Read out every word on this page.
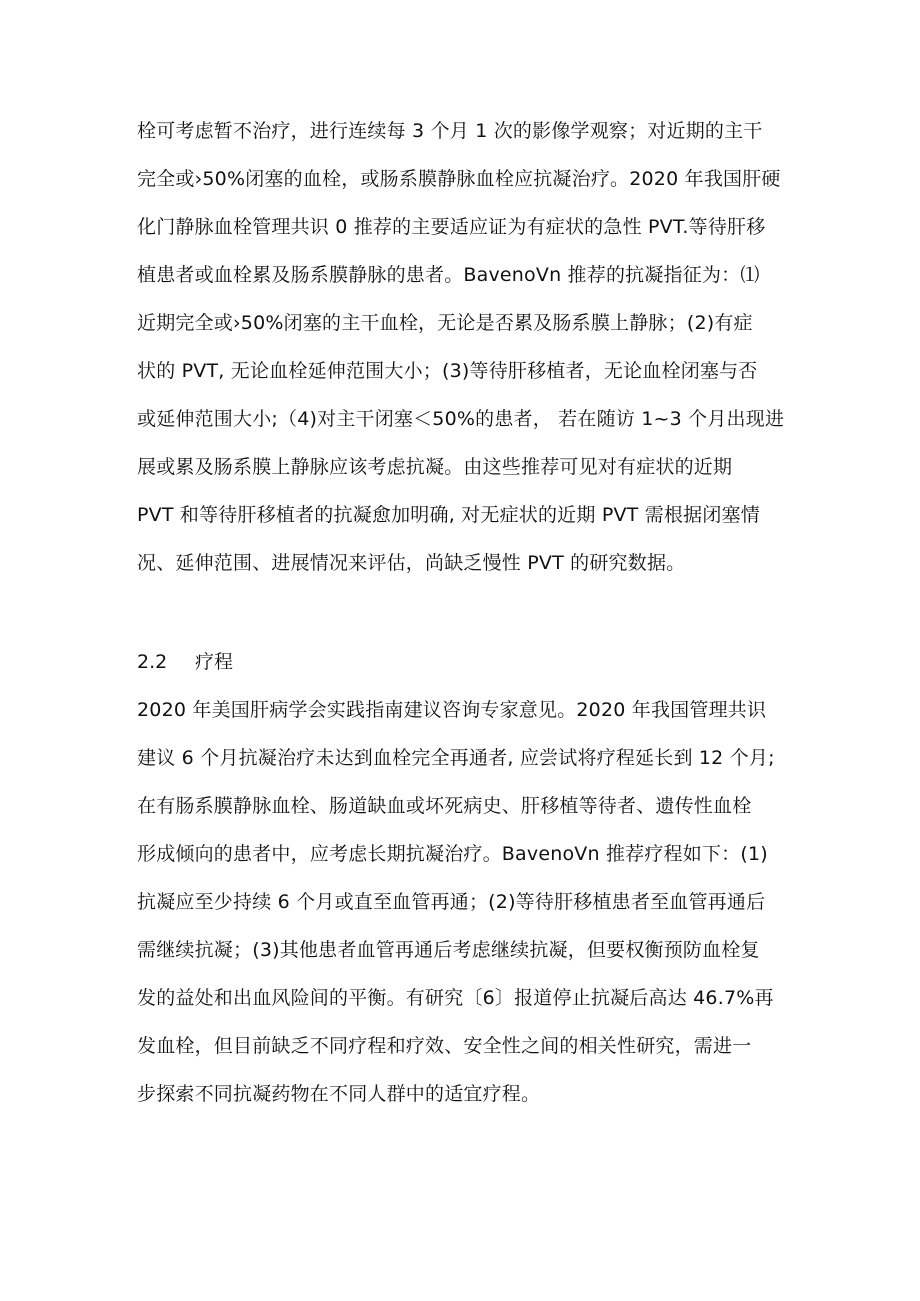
栓可考虑暂不治疗，进行连续每 3 个月 1 次的影像学观察；对近期的主干
完全或›50%闭塞的血栓，或肠系膜静脉血栓应抗凝治疗。2020 年我国肝硬
化门静脉血栓管理共识 0 推荐的主要适应证为有症状的急性 PVT.等待肝移
植患者或血栓累及肠系膜静脉的患者。BavenoVn 推荐的抗凝指征为：⑴
近期完全或›50%闭塞的主干血栓，无论是否累及肠系膜上静脉；(2)有症
状的 PVT, 无论血栓延伸范围大小；(3)等待肝移植者，无论血栓闭塞与否
或延伸范围大小;（4)对主干闭塞＜50%的患者， 若在随访 1~3 个月出现进
展或累及肠系膜上静脉应该考虑抗凝。由这些推荐可见对有症状的近期
PVT 和等待肝移植者的抗凝愈加明确, 对无症状的近期 PVT 需根据闭塞情
况、延伸范围、进展情况来评估，尚缺乏慢性 PVT 的研究数据。
2.2 疗程
2020 年美国肝病学会实践指南建议咨询专家意见。2020 年我国管理共识
建议 6 个月抗凝治疗未达到血栓完全再通者, 应尝试将疗程延长到 12 个月;
在有肠系膜静脉血栓、肠道缺血或坏死病史、肝移植等待者、遗传性血栓
形成倾向的患者中，应考虑长期抗凝治疗。BavenoVn 推荐疗程如下：(1)
抗凝应至少持续 6 个月或直至血管再通；(2)等待肝移植患者至血管再通后
需继续抗凝；(3)其他患者血管再通后考虑继续抗凝，但要权衡预防血栓复
发的益处和出血风险间的平衡。有研究〔6〕报道停止抗凝后高达 46.7%再
发血栓，但目前缺乏不同疗程和疗效、安全性之间的相关性研究，需进一
步探索不同抗凝药物在不同人群中的适宜疗程。
